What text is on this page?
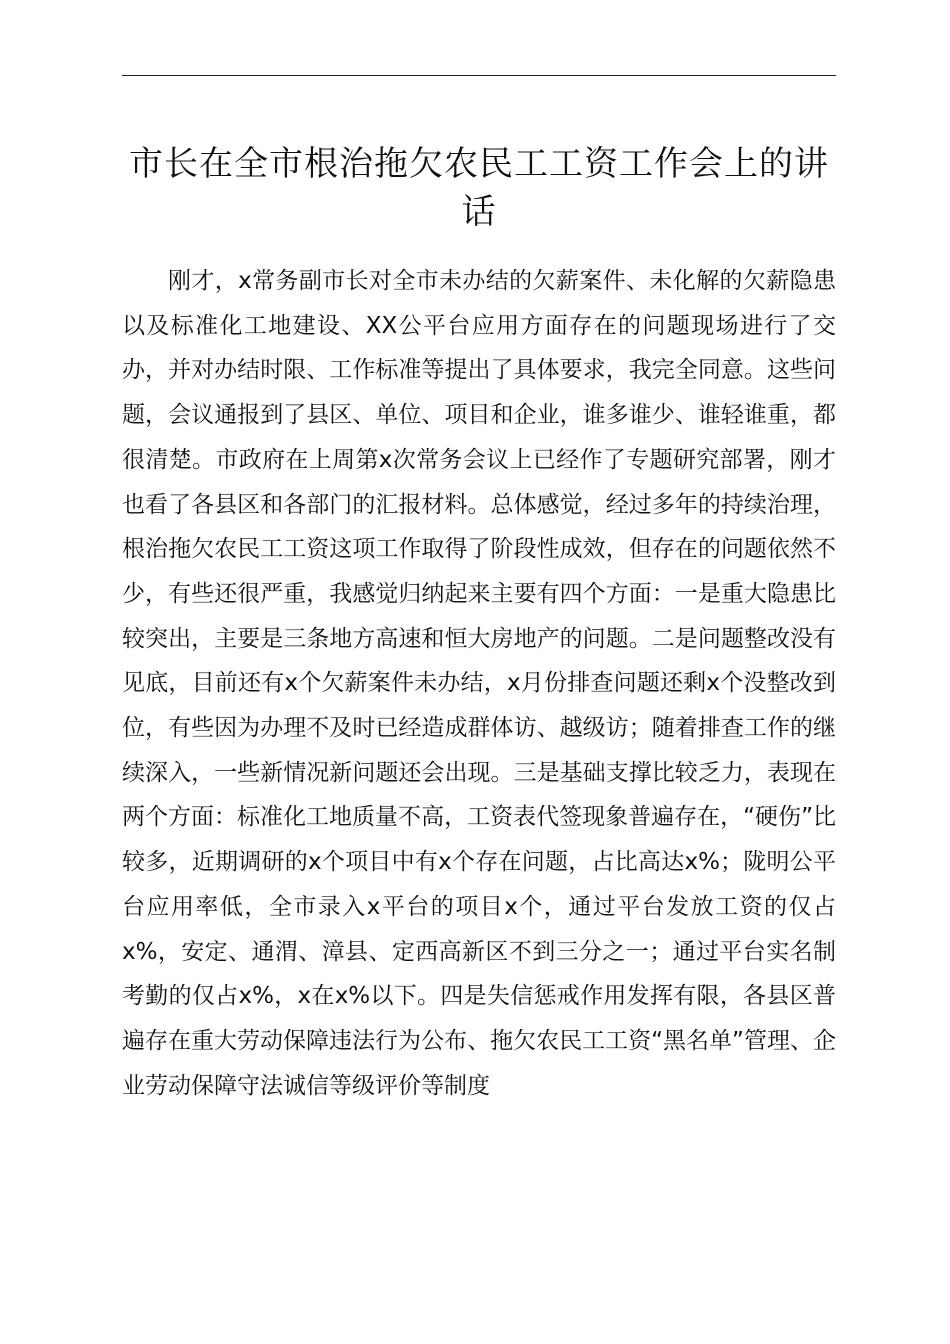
市长在全市根治拖欠农民工工资工作会上的讲话

刚才，x常务副市长对全市未办结的欠薪案件、未化解的欠薪隐患以及标准化工地建设、XX公平台应用方面存在的问题现场进行了交办，并对办结时限、工作标准等提出了具体要求，我完全同意。这些问题，会议通报到了县区、单位、项目和企业，谁多谁少、谁轻谁重，都很清楚。市政府在上周第x次常务会议上已经作了专题研究部署，刚才也看了各县区和各部门的汇报材料。总体感觉，经过多年的持续治理，根治拖欠农民工工资这项工作取得了阶段性成效，但存在的问题依然不少，有些还很严重，我感觉归纳起来主要有四个方面：一是重大隐患比较突出，主要是三条地方高速和恒大房地产的问题。二是问题整改没有见底，目前还有x个欠薪案件未办结，x月份排查问题还剩x个没整改到位，有些因为办理不及时已经造成群体访、越级访；随着排查工作的继续深入，一些新情况新问题还会出现。三是基础支撑比较乏力，表现在两个方面：标准化工地质量不高，工资表代签现象普遍存在，“硬伤”比较多，近期调研的x个项目中有x个存在问题，占比高达x%；陇明公平台应用率低，全市录入x平台的项目x个，通过平台发放工资的仅占x%，安定、通渭、漳县、定西高新区不到三分之一；通过平台实名制考勤的仅占x%，x在x%以下。四是失信惩戒作用发挥有限，各县区普遍存在重大劳动保障违法行为公布、拖欠农民工工资“黑名单”管理、企业劳动保障守法诚信等级评价等制度
